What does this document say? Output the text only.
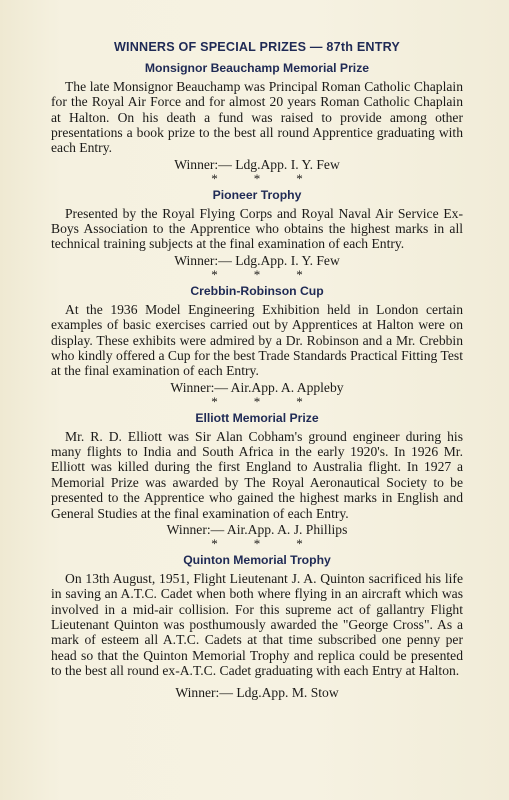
WINNERS OF SPECIAL PRIZES — 87th ENTRY
Monsignor Beauchamp Memorial Prize

The late Monsignor Beauchamp was Principal Roman Catholic Chaplain for the Royal Air Force and for almost 20 years Roman Catholic Chaplain at Halton. On his death a fund was raised to provide among other presentations a book prize to the best all round Apprentice graduating with each Entry.

Winner:— Ldg.App. I. Y. Few
***
Pioneer Trophy

Presented by the Royal Flying Corps and Royal Naval Air Service Ex-Boys Association to the Apprentice who obtains the highest marks in all technical training subjects at the final examination of each Entry.

Winner:— Ldg.App. I. Y. Few
***
Crebbin-Robinson Cup

At the 1936 Model Engineering Exhibition held in London certain examples of basic exercises carried out by Apprentices at Halton were on display. These exhibits were admired by a Dr. Robinson and a Mr. Crebbin who kindly offered a Cup for the best Trade Standards Practical Fitting Test at the final examination of each Entry.

Winner:— Air.App. A. Appleby
***
Elliott Memorial Prize

Mr. R. D. Elliott was Sir Alan Cobham's ground engineer during his many flights to India and South Africa in the early 1920's. In 1926 Mr. Elliott was killed during the first England to Australia flight. In 1927 a Memorial Prize was awarded by The Royal Aeronautical Society to be presented to the Apprentice who gained the highest marks in English and General Studies at the final examination of each Entry.

Winner:— Air.App. A. J. Phillips
***
Quinton Memorial Trophy

On 13th August, 1951, Flight Lieutenant J. A. Quinton sacrificed his life in saving an A.T.C. Cadet when both where flying in an aircraft which was involved in a mid-air collision. For this supreme act of gallantry Flight Lieutenant Quinton was posthumously awarded the "George Cross". As a mark of esteem all A.T.C. Cadets at that time subscribed one penny per head so that the Quinton Memorial Trophy and replica could be presented to the best all round ex-A.T.C. Cadet graduating with each Entry at Halton.

Winner:— Ldg.App. M. Stow
